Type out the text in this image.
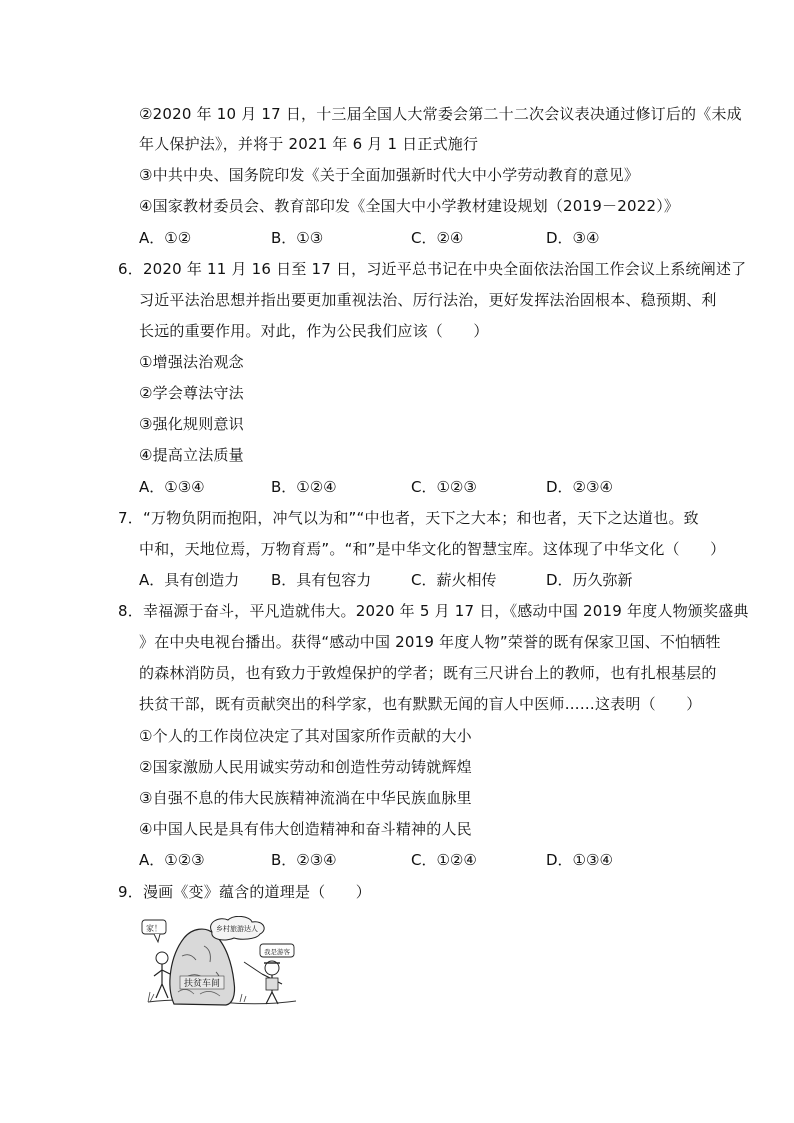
②2020 年 10 月 17 日，十三届全国人大常委会第二十二次会议表决通过修订后的《未成
年人保护法》，并将于 2021 年 6 月 1 日正式施行
③中共中央、国务院印发《关于全面加强新时代大中小学劳动教育的意见》
④国家教材委员会、教育部印发《全国大中小学教材建设规划（2019－2022）》
A．①②	B．①③	C．②④	D．③④
6．2020 年 11 月 16 日至 17 日，习近平总书记在中央全面依法治国工作会议上系统阐述了
习近平法治思想并指出要更加重视法治、厉行法治，更好发挥法治固根本、稳预期、利
长远的重要作用。对此，作为公民我们应该（　　）
①增强法治观念
②学会尊法守法
③强化规则意识
④提高立法质量
A．①③④	B．①②④	C．①②③	D．②③④
7．“万物负阴而抱阳，冲气以为和”“中也者，天下之大本；和也者，天下之达道也。致
中和，天地位焉，万物育焉”。“和”是中华文化的智慧宝库。这体现了中华文化（　　）
A．具有创造力 B．具有包容力	C．薪火相传	D．历久弥新
8．幸福源于奋斗，平凡造就伟大。2020 年 5 月 17 日，《感动中国 2019 年度人物颁奖盛典
》在中央电视台播出。获得“感动中国 2019 年度人物”荣誉的既有保家卫国、不怕牺牲
的森林消防员，也有致力于敦煌保护的学者；既有三尺讲台上的教师，也有扎根基层的
扶贫干部，既有贡献突出的科学家，也有默默无闻的盲人中医师……这表明（　　）
①个人的工作岗位决定了其对国家所作贡献的大小
②国家激励人民用诚实劳动和创造性劳动铸就辉煌
③自强不息的伟大民族精神流淌在中华民族血脉里
④中国人民是具有伟大创造精神和奋斗精神的人民
A．①②③	B．②③④	C．①②④	D．①③④
9．漫画《变》蕴含的道理是（　　）
扶贫车间
家！	乡村旅游达人
我是游客
